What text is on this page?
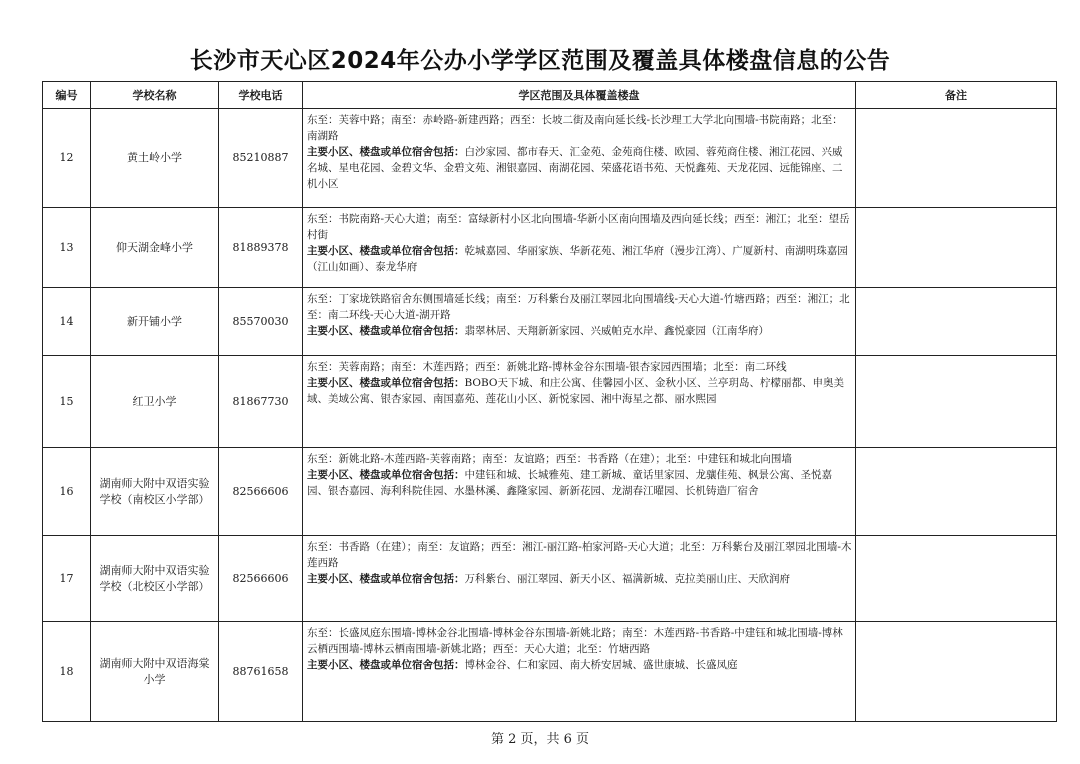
长沙市天心区2024年公办小学学区范围及覆盖具体楼盘信息的公告
编号	学校名称	学校电话	学区范围及具体覆盖楼盘	备注
12	黄土岭小学	85210887	东至：芙蓉中路；南至：赤岭路-新建西路；西至：长坡二街及南向延长线-长沙理工大学北向围墙-书院南路；北至：南湖路
主要小区、楼盘或单位宿舍包括：白沙家园、都市春天、汇金苑、金苑商住楼、欧园、蓉苑商住楼、湘江花园、兴威名城、星电花园、金碧文华、金碧文苑、湘银嘉园、南湖花园、荣盛花语书苑、天悦鑫苑、天龙花园、远能锦座、二机小区	
13	仰天湖金峰小学	81889378	东至：书院南路-天心大道；南至：富绿新村小区北向围墙-华新小区南向围墙及西向延长线；西至：湘江；北至：望岳村街
主要小区、楼盘或单位宿舍包括：乾城嘉园、华丽家族、华新花苑、湘江华府（漫步江湾）、广厦新村、南湖明珠嘉园（江山如画）、泰龙华府	
14	新开铺小学	85570030	东至：丁家垅铁路宿舍东侧围墙延长线；南至：万科紫台及丽江翠园北向围墙线-天心大道-竹塘西路；西至：湘江；北至：南二环线-天心大道-湖开路
主要小区、楼盘或单位宿舍包括：翡翠林居、天翔新新家园、兴威帕克水岸、鑫悦豪园（江南华府）	
15	红卫小学	81867730	东至：芙蓉南路；南至：木莲西路；西至：新姚北路-博林金谷东围墙-银杏家园西围墙；北至：南二环线
主要小区、楼盘或单位宿舍包括：BOBO天下城、和庄公寓、佳馨园小区、金秋小区、兰亭玥岛、柠檬丽都、申奥美域、美域公寓、银杏家园、南国嘉苑、莲花山小区、新悦家园、湘中海星之都、丽水熙园	
16	湖南师大附中双语实验学校（南校区小学部）	82566606	东至：新姚北路-木莲西路-芙蓉南路；南至：友谊路；西至：书香路（在建）；北至：中建钰和城北向围墙
主要小区、楼盘或单位宿舍包括：中建钰和城、长城雅苑、建工新城、童话里家园、龙骧佳苑、枫景公寓、圣悦嘉园、银杏嘉园、海利科院佳园、水墨林溪、鑫隆家园、新新花园、龙湖春江曜园、长机铸造厂宿舍	
17	湖南师大附中双语实验学校（北校区小学部）	82566606	东至：书香路（在建）；南至：友谊路；西至：湘江-丽江路-柏家河路-天心大道；北至：万科紫台及丽江翠园北围墙-木莲西路
主要小区、楼盘或单位宿舍包括：万科紫台、丽江翠园、新天小区、福满新城、克拉美丽山庄、天欣润府	
18	湖南师大附中双语海棠小学	88761658	东至：长盛凤庭东围墙-博林金谷北围墙-博林金谷东围墙-新姚北路；南至：木莲西路-书香路-中建钰和城北围墙-博林云栖西围墙-博林云栖南围墙-新姚北路；西至：天心大道；北至：竹塘西路
主要小区、楼盘或单位宿舍包括：博林金谷、仁和家园、南大桥安居城、盛世康城、长盛凤庭	
第 2 页，共 6 页
